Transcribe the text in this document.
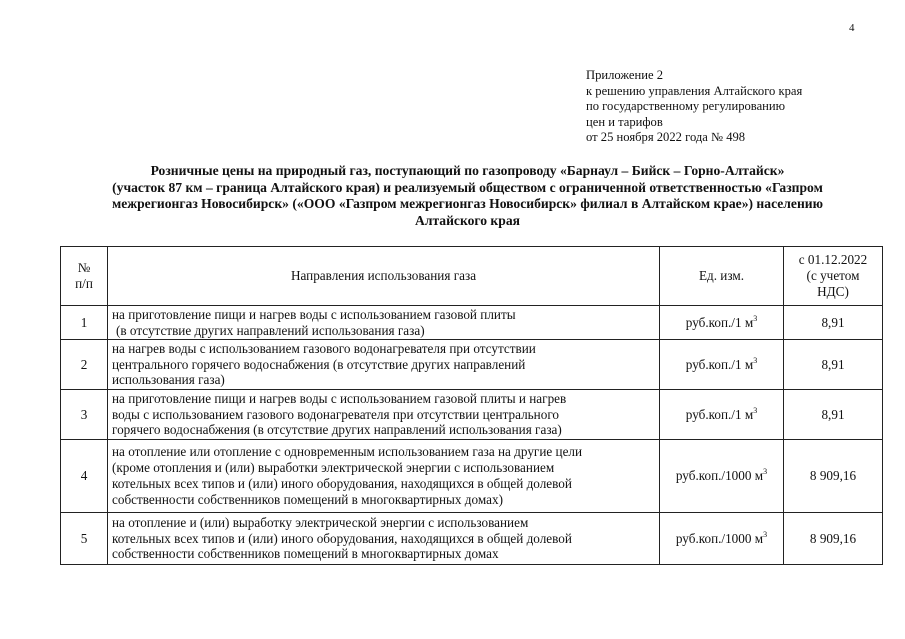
4
Приложение 2
к решению управления Алтайского края
по государственному регулированию
цен и тарифов
от 25 ноября 2022 года № 498
Розничные цены на природный газ, поступающий по газопроводу «Барнаул – Бийск – Горно-Алтайск»
(участок 87 км – граница Алтайского края) и реализуемый обществом с ограниченной ответственностью «Газпром
межрегионгаз Новосибирск» («ООО «Газпром межрегионгаз Новосибирск» филиал в Алтайском крае») населению
Алтайского края
№
п/п	Направления использования газа	Ед. изм.	с 01.12.2022
(с учетом
НДС)

1	на приготовление пищи и нагрев воды с использованием газовой плиты
(в отсутствие других направлений использования газа)	руб.коп./1 $м^3$	8,91
2	на нагрев воды с использованием газового водонагревателя при отсутствии
центрального горячего водоснабжения (в отсутствие других направлений
использования газа)	руб.коп./1 $м^3$	8,91
3	на приготовление пищи и нагрев воды с использованием газовой плиты и нагрев
воды с использованием газового водонагревателя при отсутствии центрального
горячего водоснабжения (в отсутствие других направлений использования газа)	руб.коп./1 $м^3$	8,91
4	на отопление или отопление с одновременным использованием газа на другие цели
(кроме отопления и (или) выработки электрической энергии с использованием
котельных всех типов и (или) иного оборудования, находящихся в общей долевой
собственности собственников помещений в многоквартирных домах)	руб.коп./1000 $м^3$	8 909,16
5	на отопление и (или) выработку электрической энергии с использованием
котельных всех типов и (или) иного оборудования, находящихся в общей долевой
собственности собственников помещений в многоквартирных домах	руб.коп./1000 $м^3$	8 909,16
